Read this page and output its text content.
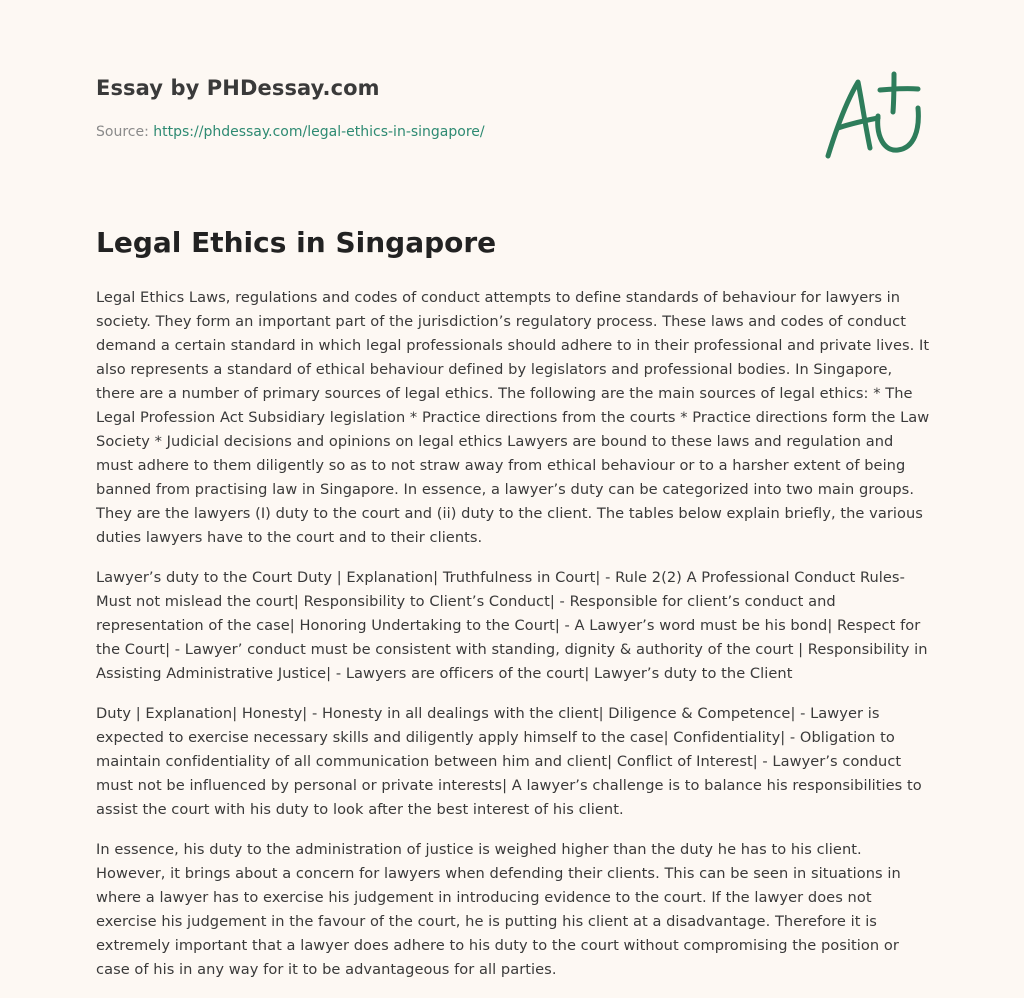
Essay by PHDessay.com
Source: https://phdessay.com/legal-ethics-in-singapore/
Legal Ethics in Singapore

Legal Ethics Laws, regulations and codes of conduct attempts to define standards of behaviour for lawyers in society. They form an important part of the jurisdiction’s regulatory process. These laws and codes of conduct demand a certain standard in which legal professionals should adhere to in their professional and private lives. It also represents a standard of ethical behaviour defined by legislators and professional bodies. In Singapore, there are a number of primary sources of legal ethics. The following are the main sources of legal ethics: * The Legal Profession Act Subsidiary legislation * Practice directions from the courts * Practice directions form the Law Society * Judicial decisions and opinions on legal ethics Lawyers are bound to these laws and regulation and must adhere to them diligently so as to not straw away from ethical behaviour or to a harsher extent of being banned from practising law in Singapore. In essence, a lawyer’s duty can be categorized into two main groups. They are the lawyers (I) duty to the court and (ii) duty to the client. The tables below explain briefly, the various duties lawyers have to the court and to their clients.

Lawyer’s duty to the Court Duty | Explanation| Truthfulness in Court| - Rule 2(2) A Professional Conduct Rules- Must not mislead the court| Responsibility to Client’s Conduct| - Responsible for client’s conduct and representation of the case| Honoring Undertaking to the Court| - A Lawyer’s word must be his bond| Respect for the Court| - Lawyer’ conduct must be consistent with standing, dignity & authority of the court | Responsibility in Assisting Administrative Justice| - Lawyers are officers of the court| Lawyer’s duty to the Client

Duty | Explanation| Honesty| - Honesty in all dealings with the client| Diligence & Competence| - Lawyer is expected to exercise necessary skills and diligently apply himself to the case| Confidentiality| - Obligation to maintain confidentiality of all communication between him and client| Conflict of Interest| - Lawyer’s conduct must not be influenced by personal or private interests| A lawyer’s challenge is to balance his responsibilities to assist the court with his duty to look after the best interest of his client.

In essence, his duty to the administration of justice is weighed higher than the duty he has to his client. However, it brings about a concern for lawyers when defending their clients. This can be seen in situations in where a lawyer has to exercise his judgement in introducing evidence to the court. If the lawyer does not exercise his judgement in the favour of the court, he is putting his client at a disadvantage. Therefore it is extremely important that a lawyer does adhere to his duty to the court without compromising the position or case of his in any way for it to be advantageous for all parties.
